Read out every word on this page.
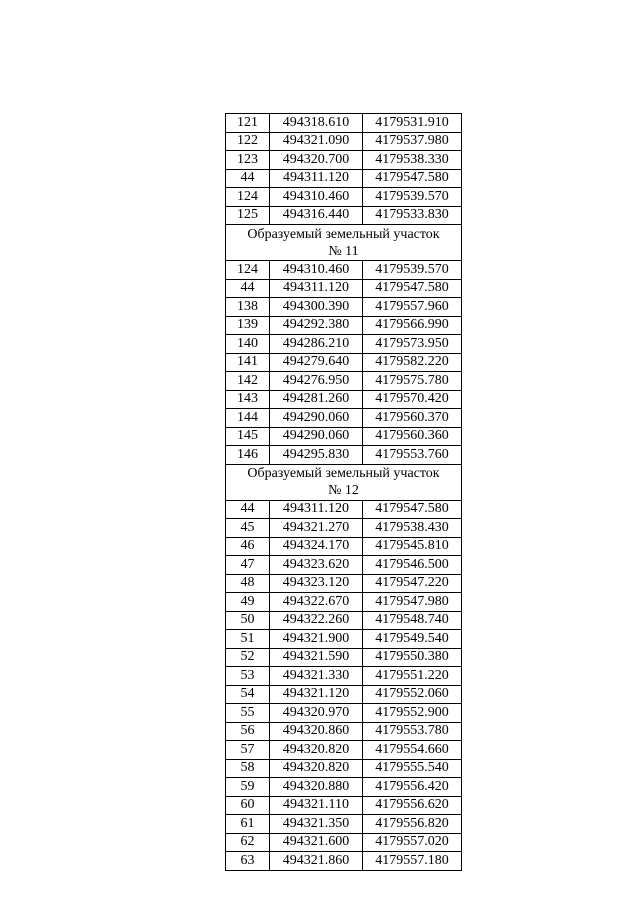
121	494318.610	4179531.910
122	494321.090	4179537.980
123	494320.700	4179538.330
44	494311.120	4179547.580
124	494310.460	4179539.570
125	494316.440	4179533.830

Образуемый земельный участок
№ 11		

124	494310.460	4179539.570
44	494311.120	4179547.580
138	494300.390	4179557.960
139	494292.380	4179566.990
140	494286.210	4179573.950
141	494279.640	4179582.220
142	494276.950	4179575.780
143	494281.260	4179570.420
144	494290.060	4179560.370
145	494290.060	4179560.360
146	494295.830	4179553.760

Образуемый земельный участок
№ 12		

44	494311.120	4179547.580
45	494321.270	4179538.430
46	494324.170	4179545.810
47	494323.620	4179546.500
48	494323.120	4179547.220
49	494322.670	4179547.980
50	494322.260	4179548.740
51	494321.900	4179549.540
52	494321.590	4179550.380
53	494321.330	4179551.220
54	494321.120	4179552.060
55	494320.970	4179552.900
56	494320.860	4179553.780
57	494320.820	4179554.660
58	494320.820	4179555.540
59	494320.880	4179556.420
60	494321.110	4179556.620
61	494321.350	4179556.820
62	494321.600	4179557.020
63	494321.860	4179557.180
